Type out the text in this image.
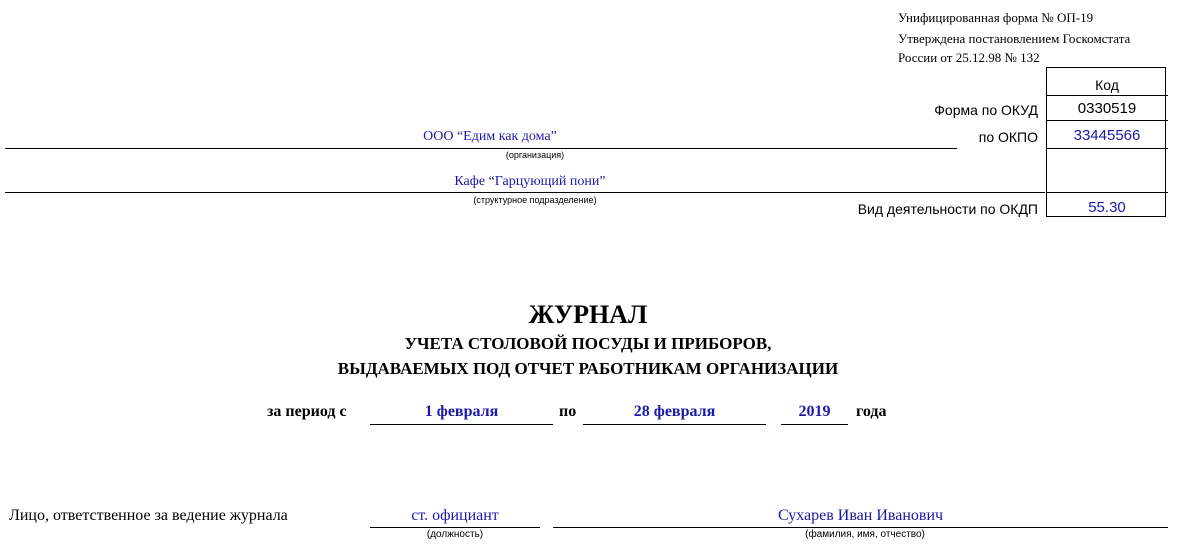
Унифицированная форма № ОП-19
Утверждена постановлением Госкомстата
России от 25.12.98 № 132
Код
Форма по ОКУД	0330519
по ОКПО	33445566
Вид деятельности по ОКДП	55.30
ООО “Едим как дома”
(организация)
Кафе “Гарцующий пони”
(структурное подразделение)
ЖУРНАЛ
УЧЕТА СТОЛОВОЙ ПОСУДЫ И ПРИБОРОВ,
ВЫДАВАЕМЫХ ПОД ОТЧЕТ РАБОТНИКАМ ОРГАНИЗАЦИИ
за период с	1 февраля	по	28 февраля	2019	года
Лицо, ответственное за ведение журнала	ст. официант
(должность)
Сухарев Иван Иванович
(фамилия, имя, отчество)
